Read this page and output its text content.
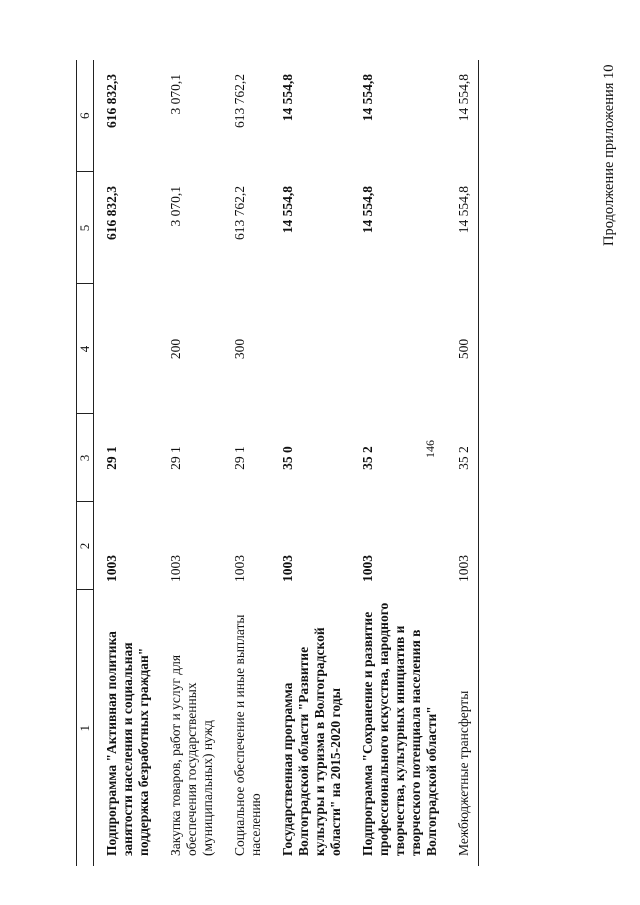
146
Продолжение приложения 10
1	2	3	4	5	6
Подпрограмма "Активная политика занятости населения и социальная поддержка безработных граждан"	1003	29 1		616 832,3	616 832,3
Закупка товаров, работ и услуг для обеспечения государственных (муниципальных) нужд	1003	29 1	200	3 070,1	3 070,1
Социальное обеспечение и иные выплаты населению	1003	29 1	300	613 762,2	613 762,2
Государственная программа Волгоградской области "Развитие культуры и туризма в Волгоградской области" на 2015-2020 годы	1003	35 0		14 554,8	14 554,8
Подпрограмма "Сохранение и развитие профессионального искусства, народного творчества, культурных инициатив и творческого потенциала населения в Волгоградской области"	1003	35 2		14 554,8	14 554,8
Межбюджетные трансферты	1003	35 2	500	14 554,8	14 554,8
